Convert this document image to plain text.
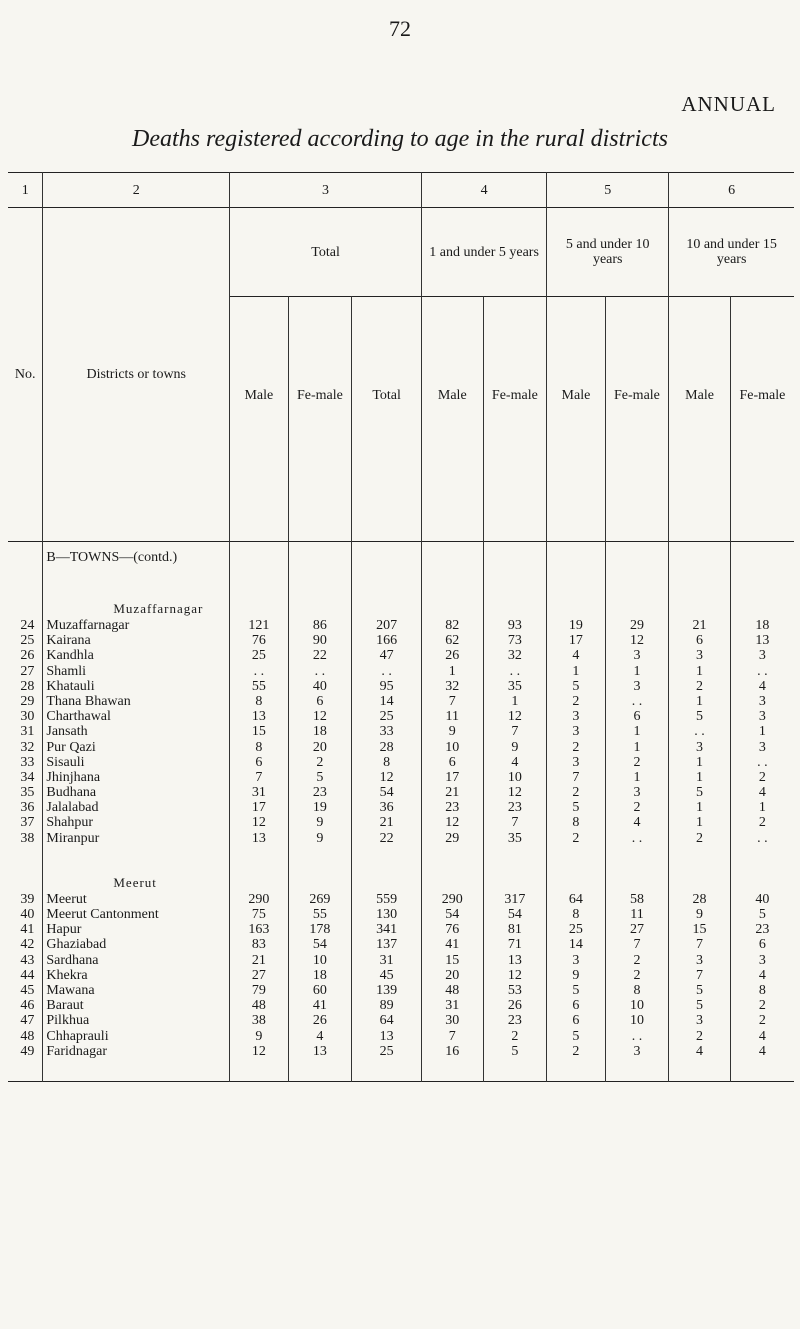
72
ANNUAL
Deaths registered according to age in the rural districts
1	2	3			4		5		6	
No.	Districts or towns	Total			1 and under 5 years		5 and under 10 years		10 and under 15 years	

		Male	Fe-male	Total	Male	Fe-male	Male	Fe-male	Male	Fe-male

	B—TOWNS—(contd.)									
	Muzaffarnagar									
24	Muzaffarnagar	121	86	207	82	93	19	29	21	18
25	Kairana	76	90	166	62	73	17	12	6	13
26	Kandhla	25	22	47	26	32	4	3	3	3
27	Shamli	. .	. .	. .	1	. .	1	1	1	. .
28	Khatauli	55	40	95	32	35	5	3	2	4
29	Thana Bhawan	8	6	14	7	1	2	. .	1	3
30	Charthawal	13	12	25	11	12	3	6	5	3
31	Jansath	15	18	33	9	7	3	1	. .	1
32	Pur Qazi	8	20	28	10	9	2	1	3	3
33	Sisauli	6	2	8	6	4	3	2	1	. .
34	Jhinjhana	7	5	12	17	10	7	1	1	2
35	Budhana	31	23	54	21	12	2	3	5	4
36	Jalalabad	17	19	36	23	23	5	2	1	1
37	Shahpur	12	9	21	12	7	8	4	1	2
38	Miranpur	13	9	22	29	35	2	. .	2	. .
	Meerut									
39	Meerut	290	269	559	290	317	64	58	28	40
40	Meerut Cantonment	75	55	130	54	54	8	11	9	5
41	Hapur	163	178	341	76	81	25	27	15	23
42	Ghaziabad	83	54	137	41	71	14	7	7	6
43	Sardhana	21	10	31	15	13	3	2	3	3
44	Khekra	27	18	45	20	12	9	2	7	4
45	Mawana	79	60	139	48	53	5	8	5	8
46	Baraut	48	41	89	31	26	6	10	5	2
47	Pilkhua	38	26	64	30	23	6	10	3	2
48	Chhaprauli	9	4	13	7	2	5	. .	2	4
49	Faridnagar	12	13	25	16	5	2	3	4	4
